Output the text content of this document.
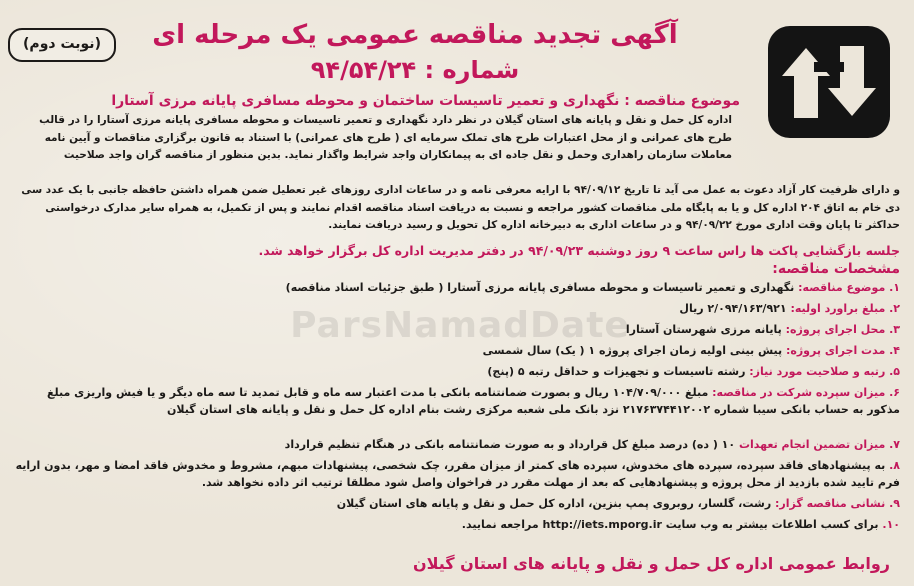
ParsNamadDate
(نوبت دوم)	آگهی تجدید مناقصه عمومی یک مرحله ای
شماره : ۹۴/۵۴/۲۴
موضوع مناقصه : نگهداری و تعمیر تاسیسات ساختمان و محوطه مسافری پایانه مرزی آستارا
اداره کل حمل و نقل و پایانه های استان گیلان در نظر دارد نگهداری و تعمیر تاسیسات و محوطه مسافری پایانه مرزی آستارا را در قالب طرح های عمرانی و از محل اعتبارات طرح های تملک سرمایه ای ( طرح های عمرانی) با استناد به قانون برگزاری مناقصات و آیین نامه معاملات سازمان راهداری وحمل و نقل جاده ای به پیمانکاران واجد شرایط واگذار نماید. بدین منظور از مناقصه گران واجد صلاحیت
و دارای ظرفیت کار آزاد دعوت به عمل می آید تا تاریخ ۹۴/۰۹/۱۲ با ارایه معرفی نامه و در ساعات اداری روزهای غیر تعطیل ضمن همراه داشتن حافظه جانبی با یک عدد سی دی خام به اتاق ۲۰۴ اداره کل و یا به پایگاه ملی مناقصات کشور مراجعه و نسبت به دریافت اسناد مناقصه اقدام نمایند و پس از تکمیل، به همراه سایر مدارک درخواستی حداکثر تا پایان وقت اداری مورخ ۹۴/۰۹/۲۲ و در ساعات اداری به دبیرخانه اداره کل تحویل و رسید دریافت نمایند.
جلسه بازگشایی پاکت ها راس ساعت ۹ روز دوشنبه ۹۴/۰۹/۲۳ در دفتر مدیریت اداره کل برگزار خواهد شد.
مشخصات مناقصه:
۱. موضوع مناقصه: نگهداری و تعمیر تاسیسات و محوطه مسافری پایانه مرزی آستارا ( طبق جزئیات اسناد مناقصه)
۲. مبلغ براورد اولیه: ۲/۰۹۴/۱۶۳/۹۲۱ ریال
۳. محل اجرای پروژه: پایانه مرزی شهرستان آستارا
۴. مدت اجرای پروژه: پیش بینی اولیه زمان اجرای پروژه ۱ ( یک) سال شمسی
۵. رتبه و صلاحیت مورد نیاز: رشته تاسیسات و تجهیزات و حداقل رتبه ۵ (پنج)
۶. میزان سپرده شرکت در مناقصه: مبلغ ۱۰۴/۷۰۹/۰۰۰ ریال و بصورت ضمانتنامه بانکی با مدت اعتبار سه ماه و قابل تمدید تا سه ماه دیگر و یا فیش واریزی مبلغ مذکور به حساب بانکی سیبا شماره ۲۱۷۶۳۷۴۴۱۲۰۰۲ نزد بانک ملی شعبه مرکزی رشت بنام اداره کل حمل و نقل و پایانه های استان گیلان
۷. میزان تضمین انجام تعهدات ۱۰ ( ده) درصد مبلغ کل قرارداد و به صورت ضمانتنامه بانکی در هنگام تنظیم قرارداد
۸. به پیشنهادهای فاقد سپرده، سپرده های مخدوش، سپرده های کمتر از میزان مقرر، چک شخصی، پیشنهادات مبهم، مشروط و مخدوش فاقد امضا و مهر، بدون ارایه فرم تایید شده بازدید از محل پروژه و پیشنهادهایی که بعد از مهلت مقرر در فراخوان واصل شود مطلقا ترتیب اثر داده نخواهد شد.
۹. نشانی مناقصه گزار: رشت، گلسار، روبروی پمپ بنزین، اداره کل حمل و نقل و پایانه های استان گیلان
۱۰. برای کسب اطلاعات بیشتر به وب سایت http://iets.mporg.ir مراجعه نمایید.
روابط عمومی اداره کل حمل و نقل و پایانه های استان گیلان
